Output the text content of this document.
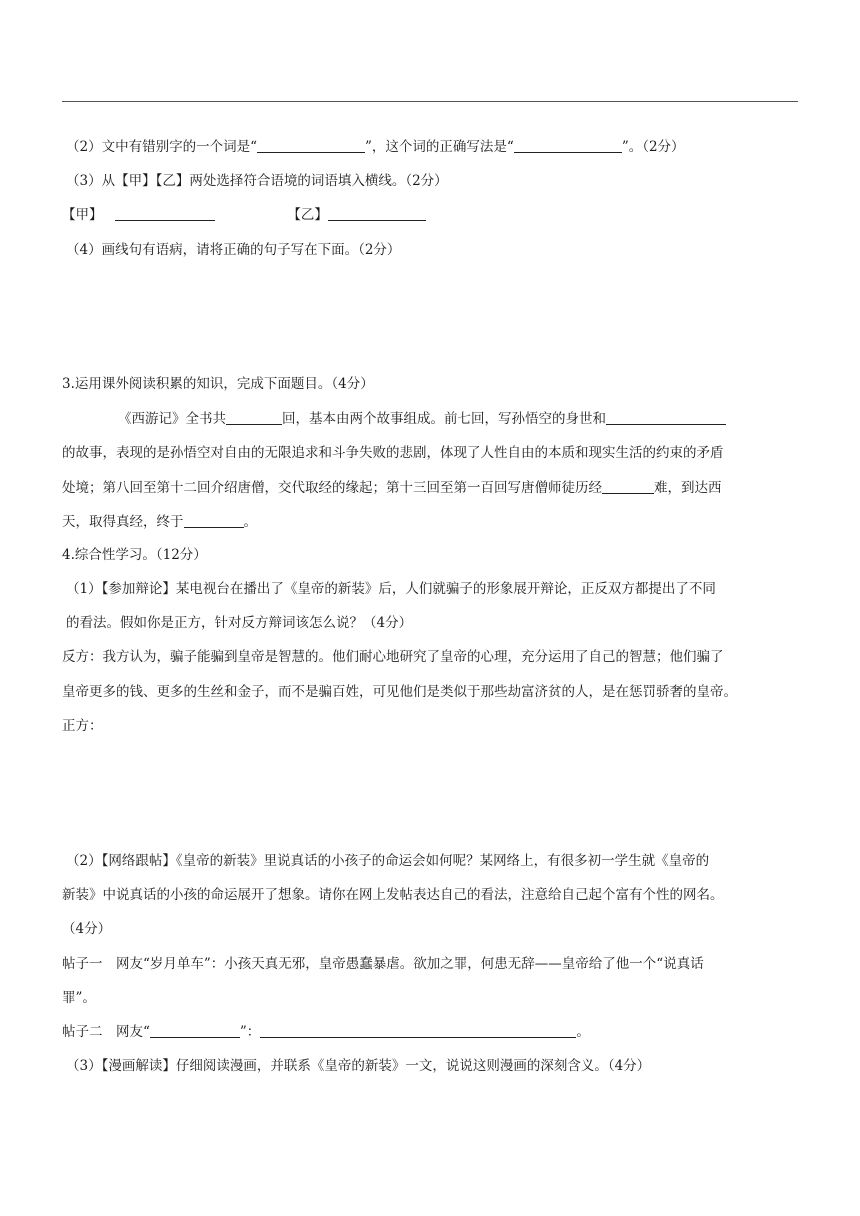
（2）文中有错别字的一个词是“	”，这个词的正确写法是“	”。（2分）
（3）从【甲】【乙】两处选择符合语境的词语填入横线。（2分）
【甲】	【乙】
（4）画线句有语病，请将正确的句子写在下面。（2分）
3.运用课外阅读积累的知识，完成下面题目。（4分）
《西游记》全书共	回，基本由两个故事组成。前七回，写孙悟空的身世和
的故事，表现的是孙悟空对自由的无限追求和斗争失败的悲剧，体现了人性自由的本质和现实生活的约束的矛盾
处境；第八回至第十二回介绍唐僧，交代取经的缘起；第十三回至第一百回写唐僧师徒历经	难，到达西
天，取得真经，终于	。
4.综合性学习。（12分）
（1）【参加辩论】某电视台在播出了《皇帝的新装》后，人们就骗子的形象展开辩论，正反双方都提出了不同
的看法。假如你是正方，针对反方辩词该怎么说？（4分）
反方：我方认为，骗子能骗到皇帝是智慧的。他们耐心地研究了皇帝的心理，充分运用了自己的智慧；他们骗了
皇帝更多的钱、更多的生丝和金子，而不是骗百姓，可见他们是类似于那些劫富济贫的人，是在惩罚骄奢的皇帝。
正方：
（2）【网络跟帖】《皇帝的新装》里说真话的小孩子的命运会如何呢？某网络上，有很多初一学生就《皇帝的
新装》中说真话的小孩的命运展开了想象。请你在网上发帖表达自己的看法，注意给自己起个富有个性的网名。
（4分）
帖子一　网友“岁月单车”：小孩天真无邪，皇帝愚蠢暴虐。欲加之罪，何患无辞——皇帝给了他一个“说真话
罪”。
帖子二　网友“	”：	。
（3）【漫画解读】仔细阅读漫画，并联系《皇帝的新装》一文，说说这则漫画的深刻含义。（4分）
